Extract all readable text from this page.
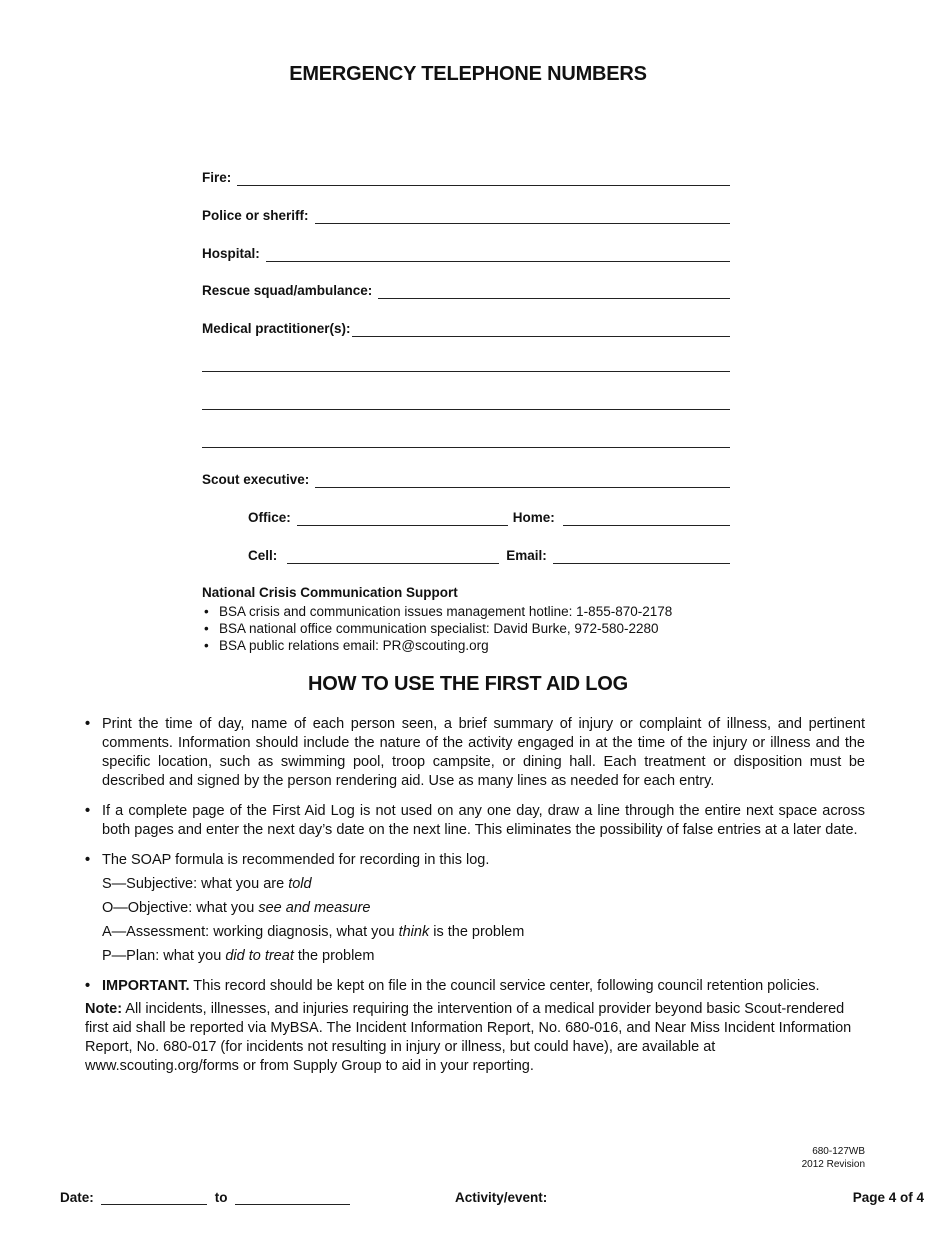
EMERGENCY TELEPHONE NUMBERS
Fire:
Police or sheriff:
Hospital:
Rescue squad/ambulance:
Medical practitioner(s):
Scout executive:
Office:	Home:
Cell:	Email:
National Crisis Communication Support
• BSA crisis and communication issues management hotline: 1-855-870-2178
• BSA national office communication specialist: David Burke, 972-580-2280
• BSA public relations email: PR@scouting.org
HOW TO USE THE FIRST AID LOG
• Print the time of day, name of each person seen, a brief summary of injury or complaint of illness, and pertinent comments. Information should include the nature of the activity engaged in at the time of the injury or illness and the specific location, such as swimming pool, troop campsite, or dining hall. Each treatment or disposition must be described and signed by the person rendering aid. Use as many lines as needed for each entry.
• If a complete page of the First Aid Log is not used on any one day, draw a line through the entire next space across both pages and enter the next day’s date on the next line. This eliminates the possibility of false entries at a later date.
• The SOAP formula is recommended for recording in this log.
S—Subjective: what you are told
O—Objective: what you see and measure
A—Assessment: working diagnosis, what you think is the problem
P—Plan: what you did to treat the problem
• IMPORTANT. This record should be kept on file in the council service center, following council retention policies.
Note: All incidents, illnesses, and injuries requiring the intervention of a medical provider beyond basic Scout-rendered first aid shall be reported via MyBSA. The Incident Information Report, No. 680-016, and Near Miss Incident Information Report, No. 680-017 (for incidents not resulting in injury or illness, but could have), are available at www.scouting.org/forms or from Supply Group to aid in your reporting.
680-127WB
2012 Revision
Date:	to	Activity/event:	Page 4 of 4
